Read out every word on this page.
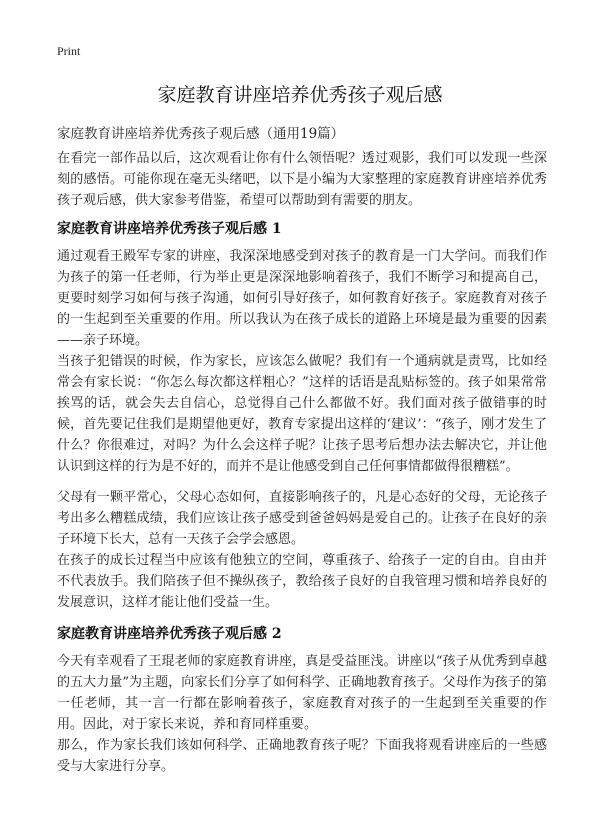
Print
家庭教育讲座培养优秀孩子观后感

家庭教育讲座培养优秀孩子观后感（通用19篇）

在看完一部作品以后，这次观看让你有什么领悟呢？透过观影，我们可以发现一些深刻的感悟。可能你现在毫无头绪吧，以下是小编为大家整理的家庭教育讲座培养优秀孩子观后感，供大家参考借鉴，希望可以帮助到有需要的朋友。

家庭教育讲座培养优秀孩子观后感 1

通过观看王殿军专家的讲座，我深深地感受到对孩子的教育是一门大学问。而我们作为孩子的第一任老师，行为举止更是深深地影响着孩子，我们不断学习和提高自己，更要时刻学习如何与孩子沟通，如何引导好孩子，如何教育好孩子。家庭教育对孩子的一生起到至关重要的作用。所以我认为在孩子成长的道路上环境是最为重要的因素——亲子环境。

当孩子犯错误的时候，作为家长，应该怎么做呢？我们有一个通病就是责骂，比如经常会有家长说：“你怎么每次都这样粗心？”这样的话语是乱贴标签的。孩子如果常常挨骂的话，就会失去自信心，总觉得自己什么都做不好。我们面对孩子做错事的时候，首先要记住我们是期望他更好，教育专家提出这样的‘建议’：“孩子，刚才发生了什么？你很难过，对吗？为什么会这样子呢？让孩子思考后想办法去解决它，并让他认识到这样的行为是不好的，而并不是让他感受到自己任何事情都做得很糟糕”。

父母有一颗平常心，父母心态如何，直接影响孩子的，凡是心态好的父母，无论孩子考出多么糟糕成绩，我们应该让孩子感受到爸爸妈妈是爱自己的。让孩子在良好的亲子环境下长大，总有一天孩子会学会感恩。

在孩子的成长过程当中应该有他独立的空间，尊重孩子、给孩子一定的自由。自由并不代表放手。我们陪孩子但不操纵孩子，教给孩子良好的自我管理习惯和培养良好的发展意识，这样才能让他们受益一生。

家庭教育讲座培养优秀孩子观后感 2

今天有幸观看了王琨老师的家庭教育讲座，真是受益匪浅。讲座以“孩子从优秀到卓越的五大力量”为主题，向家长们分享了如何科学、正确地教育孩子。父母作为孩子的第一任老师，其一言一行都在影响着孩子，家庭教育对孩子的一生起到至关重要的作用。因此，对于家长来说，养和育同样重要。

那么，作为家长我们该如何科学、正确地教育孩子呢？下面我将观看讲座后的一些感受与大家进行分享。
